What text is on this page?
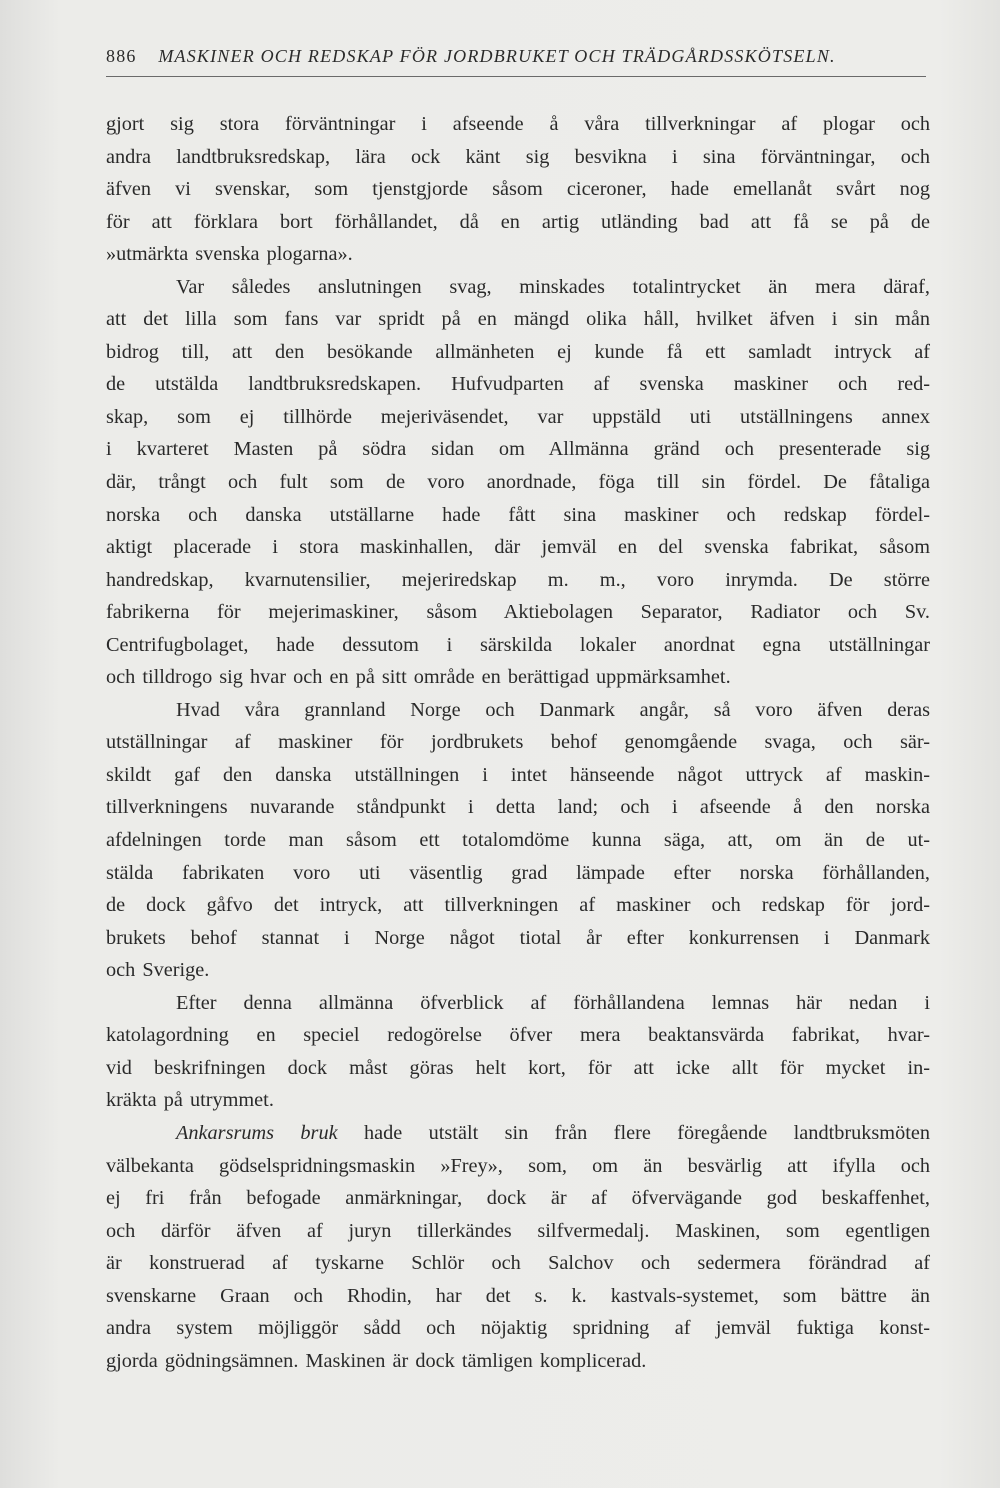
886 MASKINER OCH REDSKAP FÖR JORDBRUKET OCH TRÄDGÅRDSSKÖTSELN.

gjort sig stora förväntningar i afseende å våra tillverkningar af plogar och
andra landtbruksredskap, lära ock känt sig besvikna i sina förväntningar, och
äfven vi svenskar, som tjenstgjorde såsom ciceroner, hade emellanåt svårt nog
för att förklara bort förhållandet, då en artig utländing bad att få se på de
»utmärkta svenska plogarna».

Var således anslutningen svag, minskades totalintrycket än mera däraf,
att det lilla som fans var spridt på en mängd olika håll, hvilket äfven i sin mån
bidrog till, att den besökande allmänheten ej kunde få ett samladt intryck af
de utstälda landtbruksredskapen. Hufvudparten af svenska maskiner och red-
skap, som ej tillhörde mejeriväsendet, var uppstäld uti utställningens annex
i kvarteret Masten på södra sidan om Allmänna gränd och presenterade sig
där, trångt och fult som de voro anordnade, föga till sin fördel. De fåtaliga
norska och danska utställarne hade fått sina maskiner och redskap fördel-
aktigt placerade i stora maskinhallen, där jemväl en del svenska fabrikat, såsom
handredskap, kvarnutensilier, mejeriredskap m. m., voro inrymda. De större
fabrikerna för mejerimaskiner, såsom Aktiebolagen Separator, Radiator och Sv.
Centrifugbolaget, hade dessutom i särskilda lokaler anordnat egna utställningar
och tilldrogo sig hvar och en på sitt område en berättigad uppmärksamhet.

Hvad våra grannland Norge och Danmark angår, så voro äfven deras
utställningar af maskiner för jordbrukets behof genomgående svaga, och sär-
skildt gaf den danska utställningen i intet hänseende något uttryck af maskin-
tillverkningens nuvarande ståndpunkt i detta land; och i afseende å den norska
afdelningen torde man såsom ett totalomdöme kunna säga, att, om än de ut-
stälda fabrikaten voro uti väsentlig grad lämpade efter norska förhållanden,
de dock gåfvo det intryck, att tillverkningen af maskiner och redskap för jord-
brukets behof stannat i Norge något tiotal år efter konkurrensen i Danmark
och Sverige.

Efter denna allmänna öfverblick af förhållandena lemnas här nedan i
katolagordning en speciel redogörelse öfver mera beaktansvärda fabrikat, hvar-
vid beskrifningen dock måst göras helt kort, för att icke allt för mycket in-
kräkta på utrymmet.

Ankarsrums bruk hade utstält sin från flere föregående landtbruksmöten
välbekanta gödselspridningsmaskin »Frey», som, om än besvärlig att ifylla och
ej fri från befogade anmärkningar, dock är af öfvervägande god beskaffenhet,
och därför äfven af juryn tillerkändes silfvermedalj. Maskinen, som egentligen
är konstruerad af tyskarne Schlör och Salchov och sedermera förändrad af
svenskarne Graan och Rhodin, har det s. k. kastvals-systemet, som bättre än
andra system möjliggör sådd och nöjaktig spridning af jemväl fuktiga konst-
gjorda gödningsämnen. Maskinen är dock tämligen komplicerad.
